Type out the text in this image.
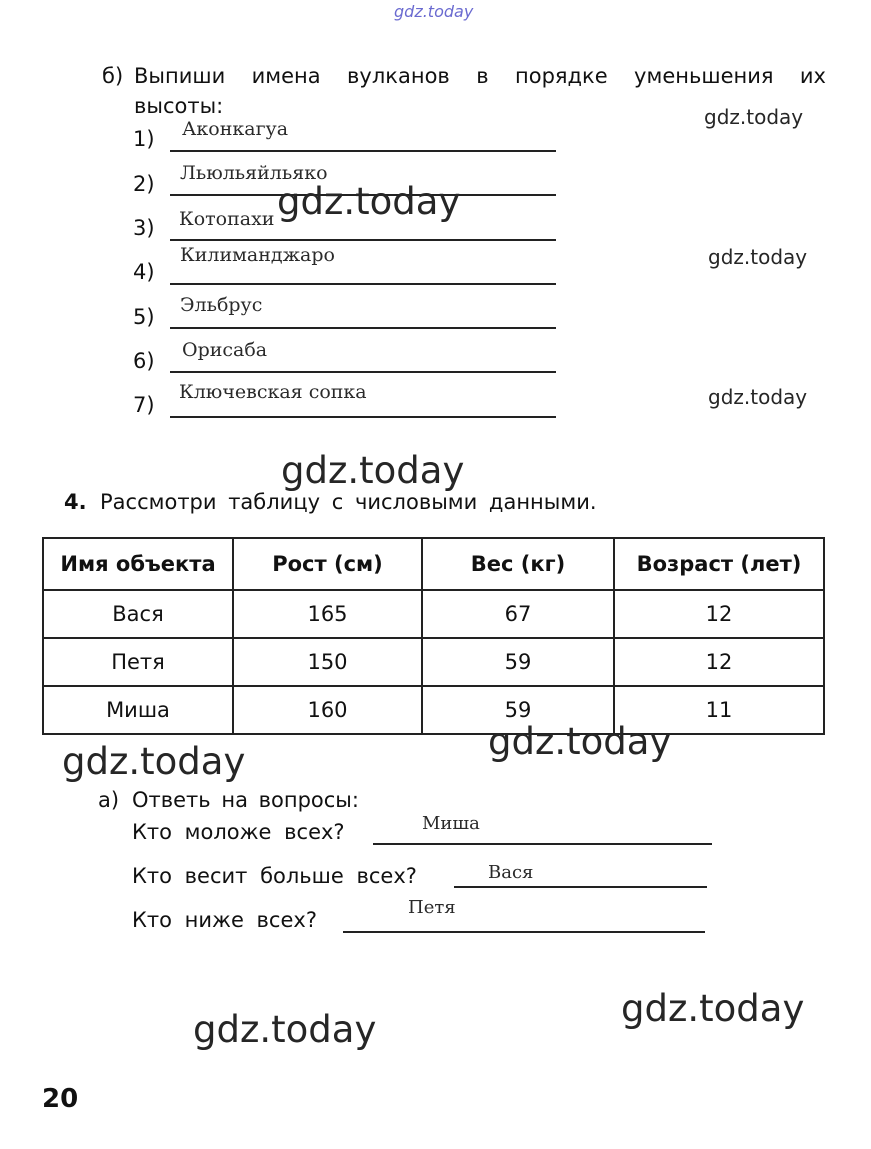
gdz.today
б) Выпиши имена вулканов в порядке уменьшения их
высоты:
1) Аконкагуа
2) Льюльяйльяко
3) Котопахи
4)
Килиманджаро
5) Эльбрус
6) Орисаба
7)
Ключевская сопка
4. Рассмотри таблицу с числовыми данными.
Имя объекта	Рост (см)	Вес (кг)	Возраст (лет)
Вася	165	67	12
Петя	150	59	12
Миша	160	59	11
а) Ответь на вопросы:
Кто моложе всех?	Миша
Кто весит больше всех?	Вася
Кто ниже всех?
Петя
20
gdz.today
gdz.today
gdz.today
gdz.today
gdz.today
gdz.today
gdz.today
gdz.today
gdz.today
